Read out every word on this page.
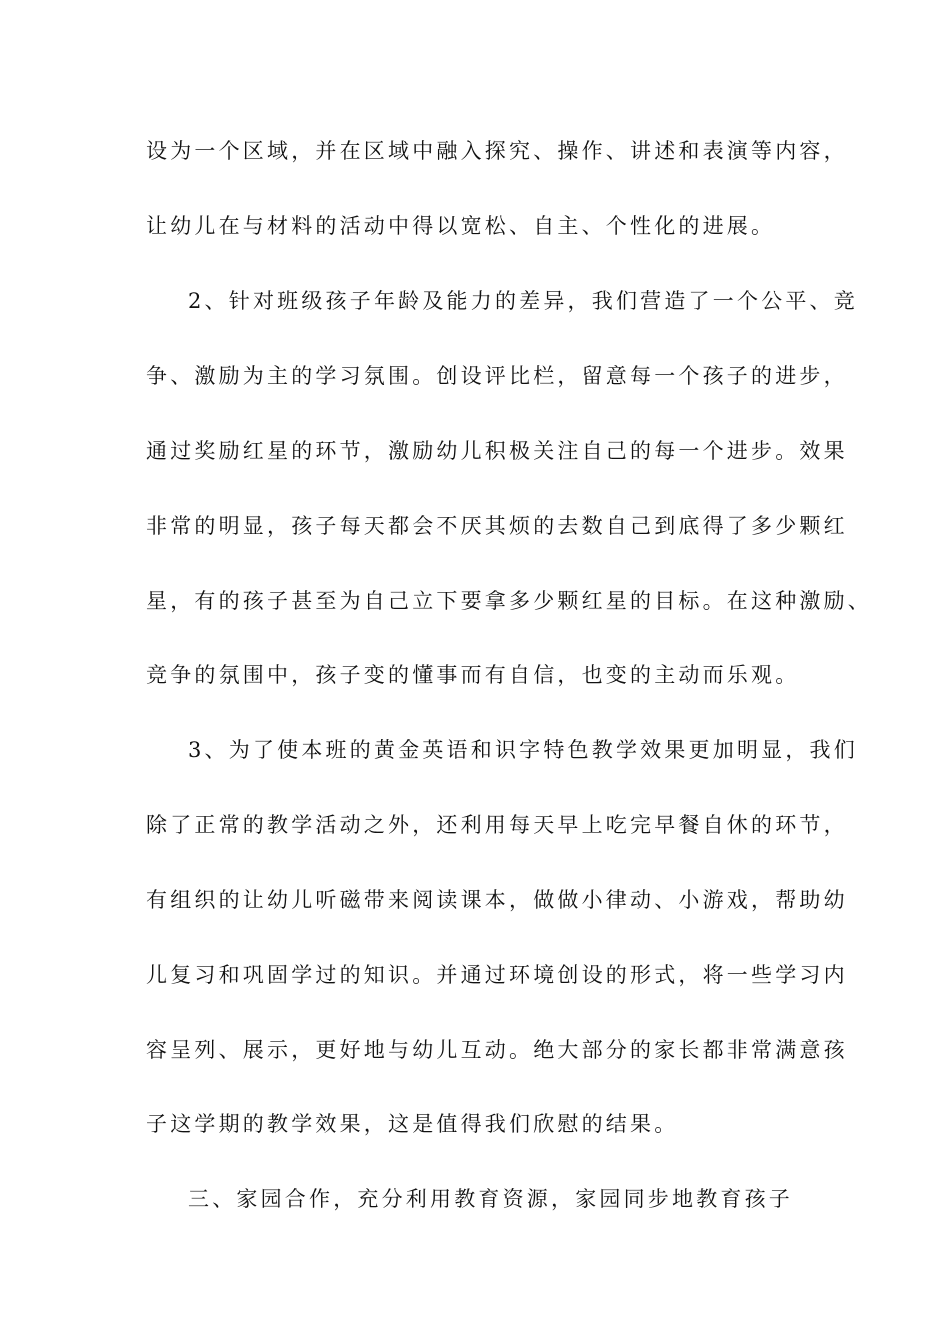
设为一个区域，并在区域中融入探究、操作、讲述和表演等内容，
让幼儿在与材料的活动中得以宽松、自主、个性化的进展。
2、针对班级孩子年龄及能力的差异，我们营造了一个公平、竞
争、激励为主的学习氛围。创设评比栏，留意每一个孩子的进步，
通过奖励红星的环节，激励幼儿积极关注自己的每一个进步。效果
非常的明显，孩子每天都会不厌其烦的去数自己到底得了多少颗红
星，有的孩子甚至为自己立下要拿多少颗红星的目标。在这种激励、
竞争的氛围中，孩子变的懂事而有自信，也变的主动而乐观。
3、为了使本班的黄金英语和识字特色教学效果更加明显，我们
除了正常的教学活动之外，还利用每天早上吃完早餐自休的环节，
有组织的让幼儿听磁带来阅读课本，做做小律动、小游戏，帮助幼
儿复习和巩固学过的知识。并通过环境创设的形式，将一些学习内
容呈列、展示，更好地与幼儿互动。绝大部分的家长都非常满意孩
子这学期的教学效果，这是值得我们欣慰的结果。
三、家园合作，充分利用教育资源，家园同步地教育孩子
